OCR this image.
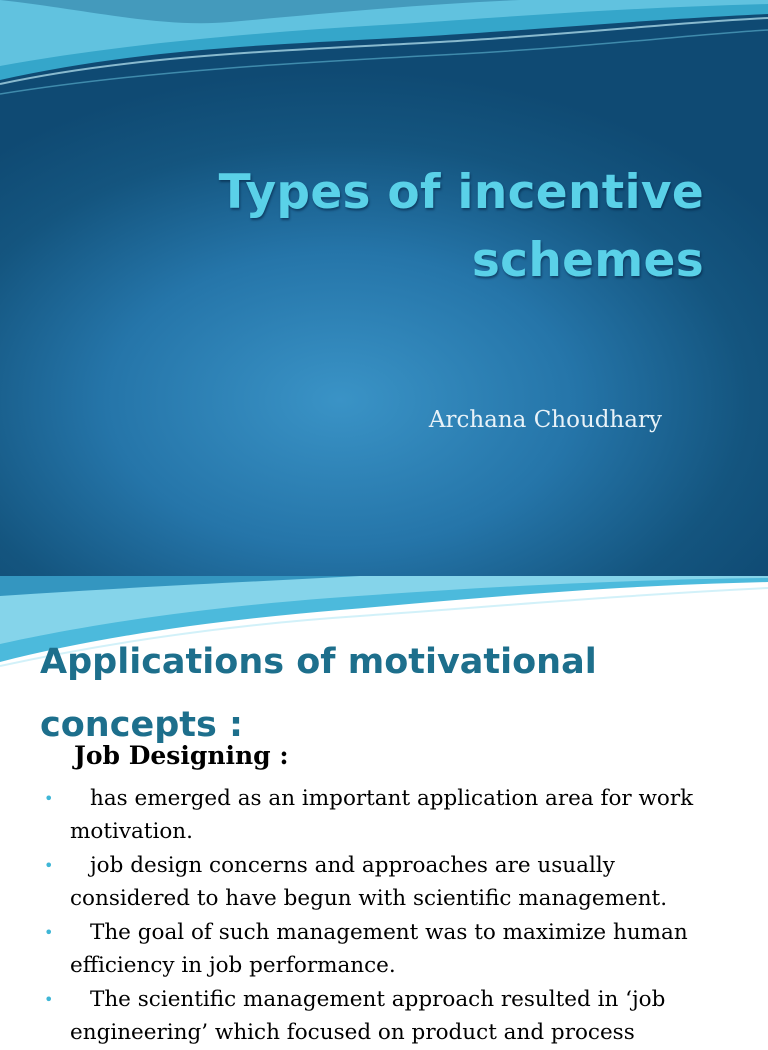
Types of incentive
schemes
Archana Choudhary
Applications of motivational
concepts :
Job Designing :
•	has emerged as an important application area for work motivation.
•	job design concerns and approaches are usually considered to have begun with scientific management.
•	The goal of such management was to maximize human efficiency in job performance.
•	The scientific management approach resulted in ‘job engineering’ which focused on product and process
